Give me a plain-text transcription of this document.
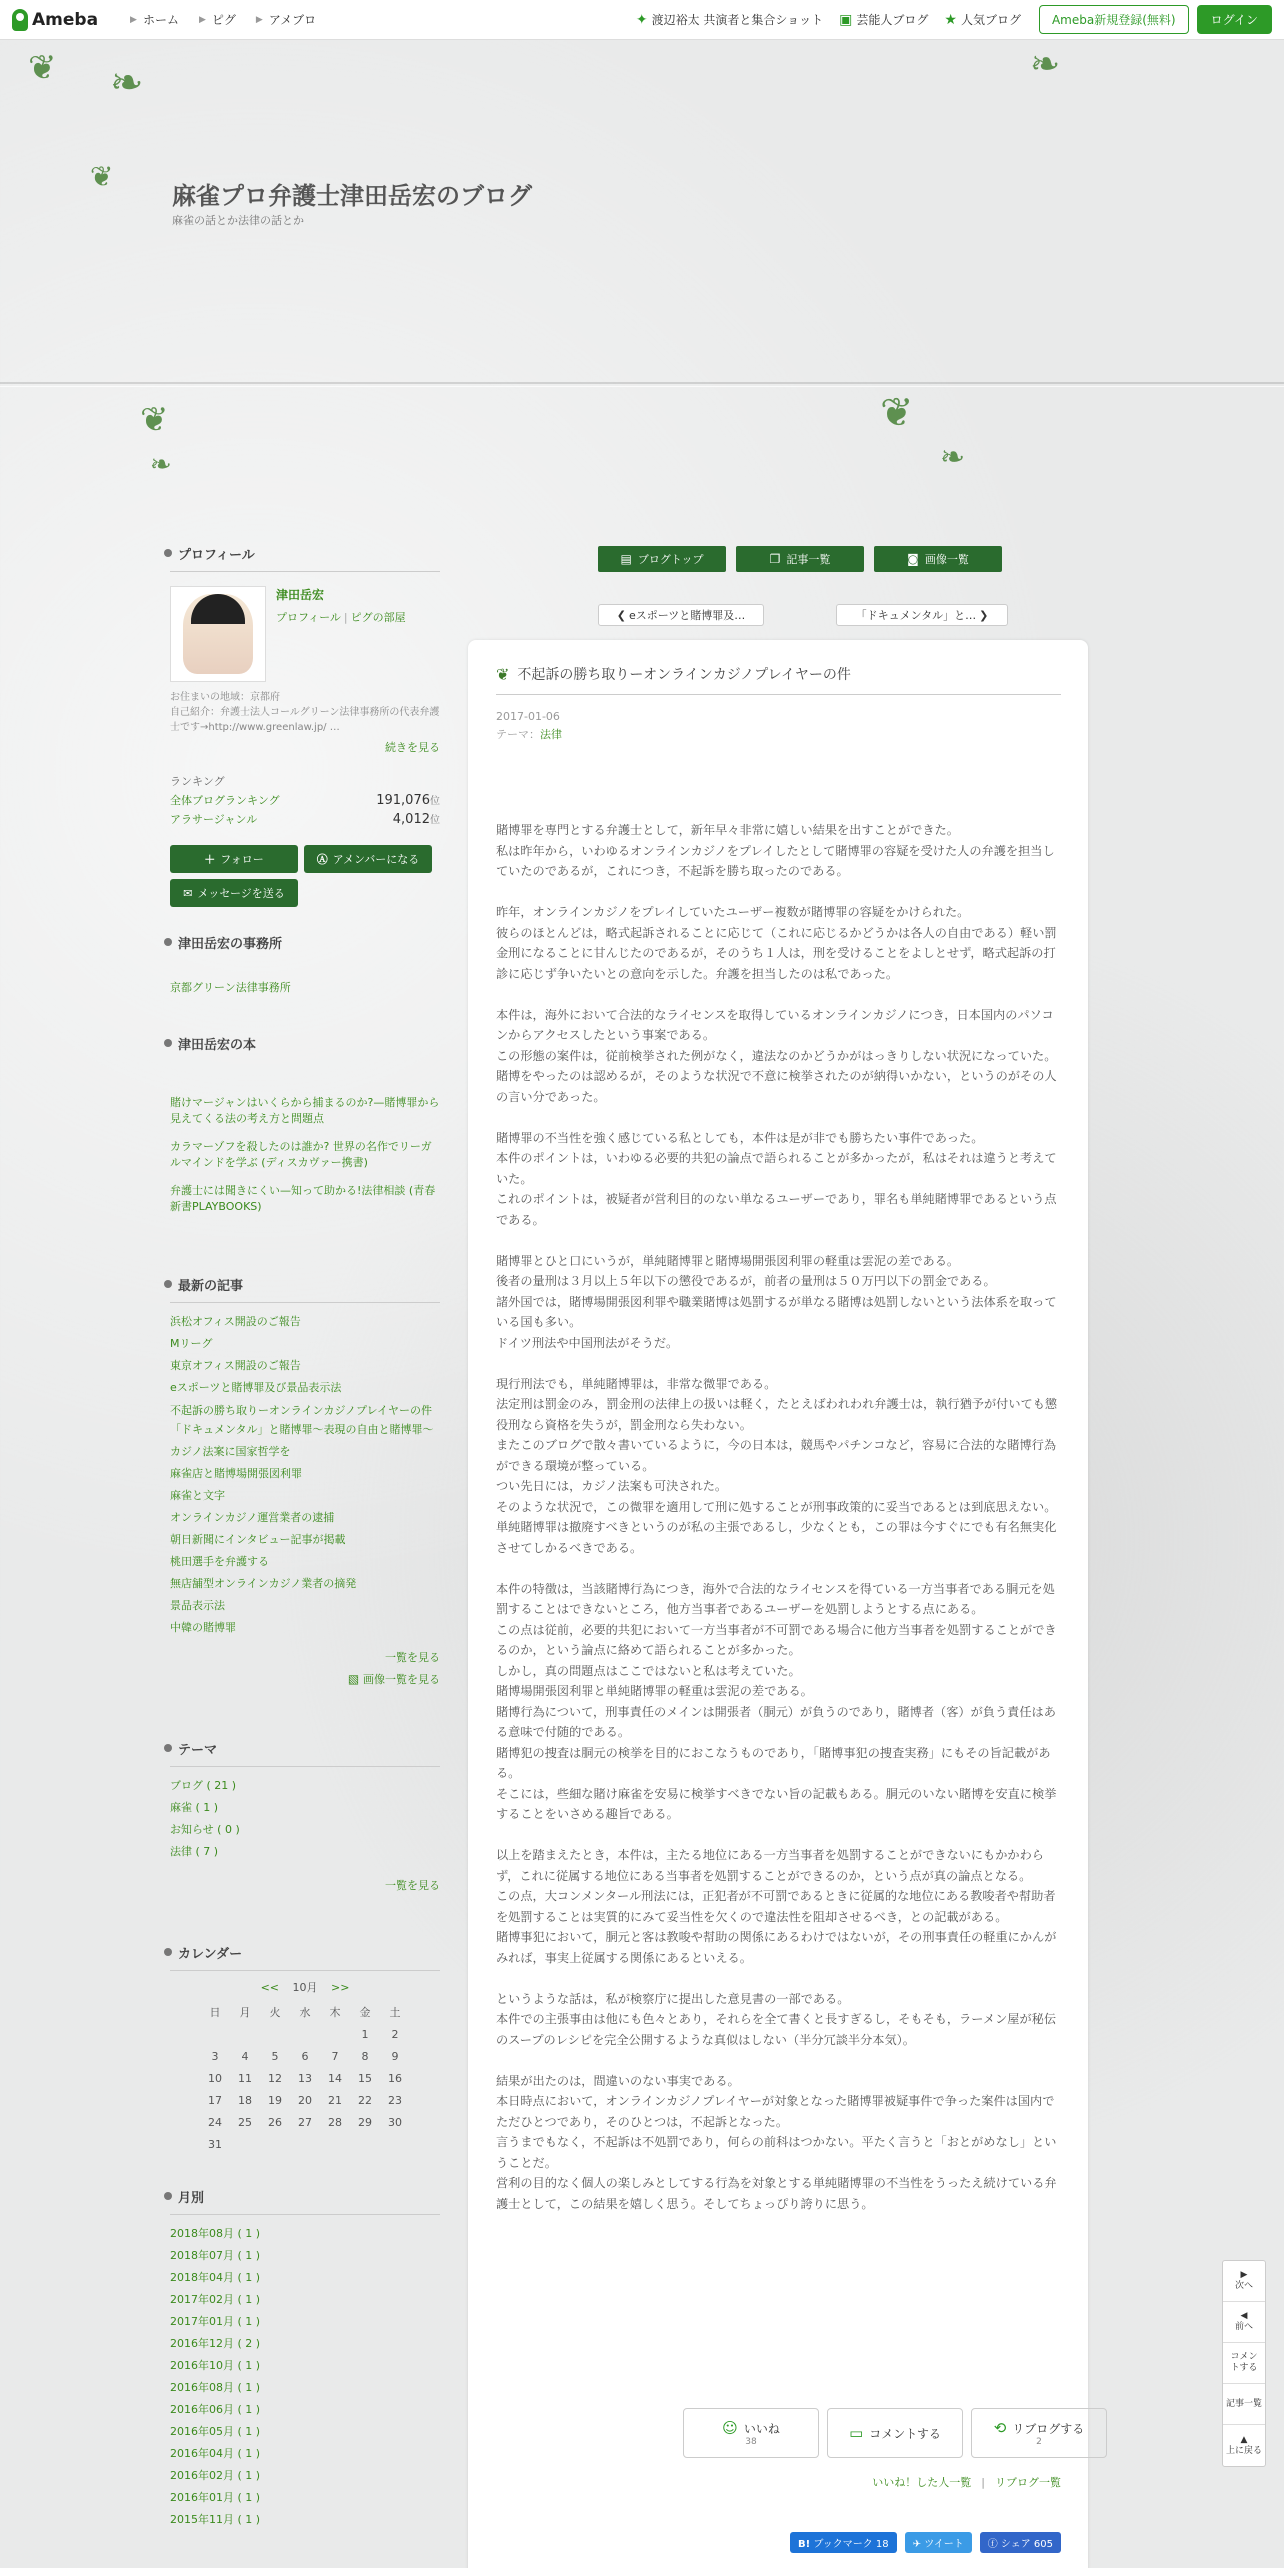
Ameba	▶ ホーム ▶ ピグ ▶ アメブロ	✦ 渡辺裕太 共演者と集合ショット ▣ 芸能人ブログ ★ 人気ブログ	Ameba新規登録(無料)	ログイン
❦ ❧
❦
❧
❦
❧
❦
❧
麻雀プロ弁護士津田岳宏のブログ
麻雀の話とか法律の話とか
プロフィール
津田岳宏
プロフィール | ピグの部屋
お住まいの地域：京都府
自己紹介：弁護士法人コールグリーン法律事務所の代表弁護士です→http://www.greenlaw.jp/ …
続きを見る
ランキング
全体ブログランキング	191,076位
アラサージャンル	4,012位
＋ フォロー	Ⓐ アメンバーになる
✉ メッセージを送る
津田岳宏の事務所
京都グリーン法律事務所
津田岳宏の本
賭けマージャンはいくらから捕まるのか?—賭博罪から見えてくる法の考え方と問題点
カラマーゾフを殺したのは誰か? 世界の名作でリーガルマインドを学ぶ (ディスカヴァー携書)
弁護士には聞きにくい—知って助かる!法律相談 (青春新書PLAYBOOKS)
最新の記事
浜松オフィス開設のご報告
Mリーグ
東京オフィス開設のご報告
eスポーツと賭博罪及び景品表示法
不起訴の勝ち取りーオンラインカジノプレイヤーの件
「ドキュメンタル」と賭博罪～表現の自由と賭博罪～
カジノ法案に国家哲学を
麻雀店と賭博場開張図利罪
麻雀と文字
オンラインカジノ運営業者の逮捕
朝日新聞にインタビュー記事が掲載
桃田選手を弁護する
無店舗型オンラインカジノ業者の摘発
景品表示法
中韓の賭博罪
一覧を見る
▧ 画像一覧を見る
テーマ
ブログ ( 21 )
麻雀 ( 1 )
お知らせ ( 0 )
法律 ( 7 )
一覧を見る
カレンダー
<< 10月 >>
日	月	火	水	木	金	土
					1	2
3	4	5	6	7	8	9
10	11	12	13	14	15	16
17	18	19	20	21	22	23
24	25	26	27	28	29	30
31						
月別
2018年08月 ( 1 )
2018年07月 ( 1 )
2018年04月 ( 1 )
2017年02月 ( 1 )
2017年01月 ( 1 )
2016年12月 ( 2 )
2016年10月 ( 1 )
2016年08月 ( 1 )
2016年06月 ( 1 )
2016年05月 ( 1 )
2016年04月 ( 1 )
2016年02月 ( 1 )
2016年01月 ( 1 )
2015年11月 ( 1 )
▤ ブログトップ	❐ 記事一覧	◙ 画像一覧
❮ eスポーツと賭博罪及…	「ドキュメンタル」と… ❯
❦ 不起訴の勝ち取りーオンラインカジノプレイヤーの件
2017-01-06
テーマ：法律

賭博罪を専門とする弁護士として，新年早々非常に嬉しい結果を出すことができた。
私は昨年から，いわゆるオンラインカジノをプレイしたとして賭博罪の容疑を受けた人の弁護を担当していたのであるが，これにつき，不起訴を勝ち取ったのである。

昨年，オンラインカジノをプレイしていたユーザー複数が賭博罪の容疑をかけられた。
彼らのほとんどは，略式起訴されることに応じて（これに応じるかどうかは各人の自由である）軽い罰金刑になることに甘んじたのであるが，そのうち１人は，刑を受けることをよしとせず，略式起訴の打診に応じず争いたいとの意向を示した。弁護を担当したのは私であった。

本件は，海外において合法的なライセンスを取得しているオンラインカジノにつき，日本国内のパソコンからアクセスしたという事案である。
この形態の案件は，従前検挙された例がなく，違法なのかどうかがはっきりしない状況になっていた。
賭博をやったのは認めるが，そのような状況で不意に検挙されたのが納得いかない，というのがその人の言い分であった。

賭博罪の不当性を強く感じている私としても，本件は是が非でも勝ちたい事件であった。
本件のポイントは，いわゆる必要的共犯の論点で語られることが多かったが，私はそれは違うと考えていた。
これのポイントは，被疑者が営利目的のない単なるユーザーであり，罪名も単純賭博罪であるという点である。

賭博罪とひと口にいうが，単純賭博罪と賭博場開張図利罪の軽重は雲泥の差である。
後者の量刑は３月以上５年以下の懲役であるが，前者の量刑は５０万円以下の罰金である。
諸外国では，賭博場開張図利罪や職業賭博は処罰するが単なる賭博は処罰しないという法体系を取っている国も多い。
ドイツ刑法や中国刑法がそうだ。

現行刑法でも，単純賭博罪は，非常な微罪である。
法定刑は罰金のみ，罰金刑の法律上の扱いは軽く，たとえばわれわれ弁護士は，執行猶予が付いても懲役刑なら資格を失うが，罰金刑なら失わない。
またこのブログで散々書いているように，今の日本は，競馬やパチンコなど，容易に合法的な賭博行為ができる環境が整っている。
つい先日には，カジノ法案も可決された。
そのような状況で，この微罪を適用して刑に処することが刑事政策的に妥当であるとは到底思えない。
単純賭博罪は撤廃すべきというのが私の主張であるし，少なくとも，この罪は今すぐにでも有名無実化させてしかるべきである。

本件の特徴は，当該賭博行為につき，海外で合法的なライセンスを得ている一方当事者である胴元を処罰することはできないところ，他方当事者であるユーザーを処罰しようとする点にある。
この点は従前，必要的共犯において一方当事者が不可罰である場合に他方当事者を処罰することができるのか，という論点に絡めて語られることが多かった。
しかし，真の問題点はここではないと私は考えていた。
賭博場開張図利罪と単純賭博罪の軽重は雲泥の差である。
賭博行為について，刑事責任のメインは開張者（胴元）が負うのであり，賭博者（客）が負う責任はある意味で付随的である。
賭博犯の捜査は胴元の検挙を目的におこなうものであり，「賭博事犯の捜査実務」にもその旨記載がある。
そこには，些細な賭け麻雀を安易に検挙すべきでない旨の記載もある。胴元のいない賭博を安直に検挙することをいさめる趣旨である。

以上を踏まえたとき，本件は，主たる地位にある一方当事者を処罰することができないにもかかわらず，これに従属する地位にある当事者を処罰することができるのか，という点が真の論点となる。
この点，大コンメンタール刑法には，正犯者が不可罰であるときに従属的な地位にある教唆者や幇助者を処罰することは実質的にみて妥当性を欠くので違法性を阻却させるべき，との記載がある。
賭博事犯において，胴元と客は教唆や幇助の関係にあるわけではないが，その刑事責任の軽重にかんがみれば，事実上従属する関係にあるといえる。

というような話は，私が検察庁に提出した意見書の一部である。
本件での主張事由は他にも色々とあり，それらを全て書くと長すぎるし，そもそも，ラーメン屋が秘伝のスープのレシピを完全公開するような真似はしない（半分冗談半分本気）。

結果が出たのは，間違いのない事実である。
本日時点において，オンラインカジノプレイヤーが対象となった賭博罪被疑事件で争った案件は国内でただひとつであり，そのひとつは，不起訴となった。
言うまでもなく，不起訴は不処罰であり，何らの前科はつかない。平たく言うと「おとがめなし」ということだ。
営利の目的なく個人の楽しみとしてする行為を対象とする単純賭博罪の不当性をうったえ続けている弁護士として，この結果を嬉しく思う。そしてちょっぴり誇りに思う。

☺ いいね
38	▭ コメントする	⟲ リブログする
2
いいね！した人一覧 | リブログ一覧
B! ブックマーク 18	✈ ツイート	ⓕ シェア 605
▶
次へ
◀
前へ
コメントする
記事一覧
▲
上に戻る
